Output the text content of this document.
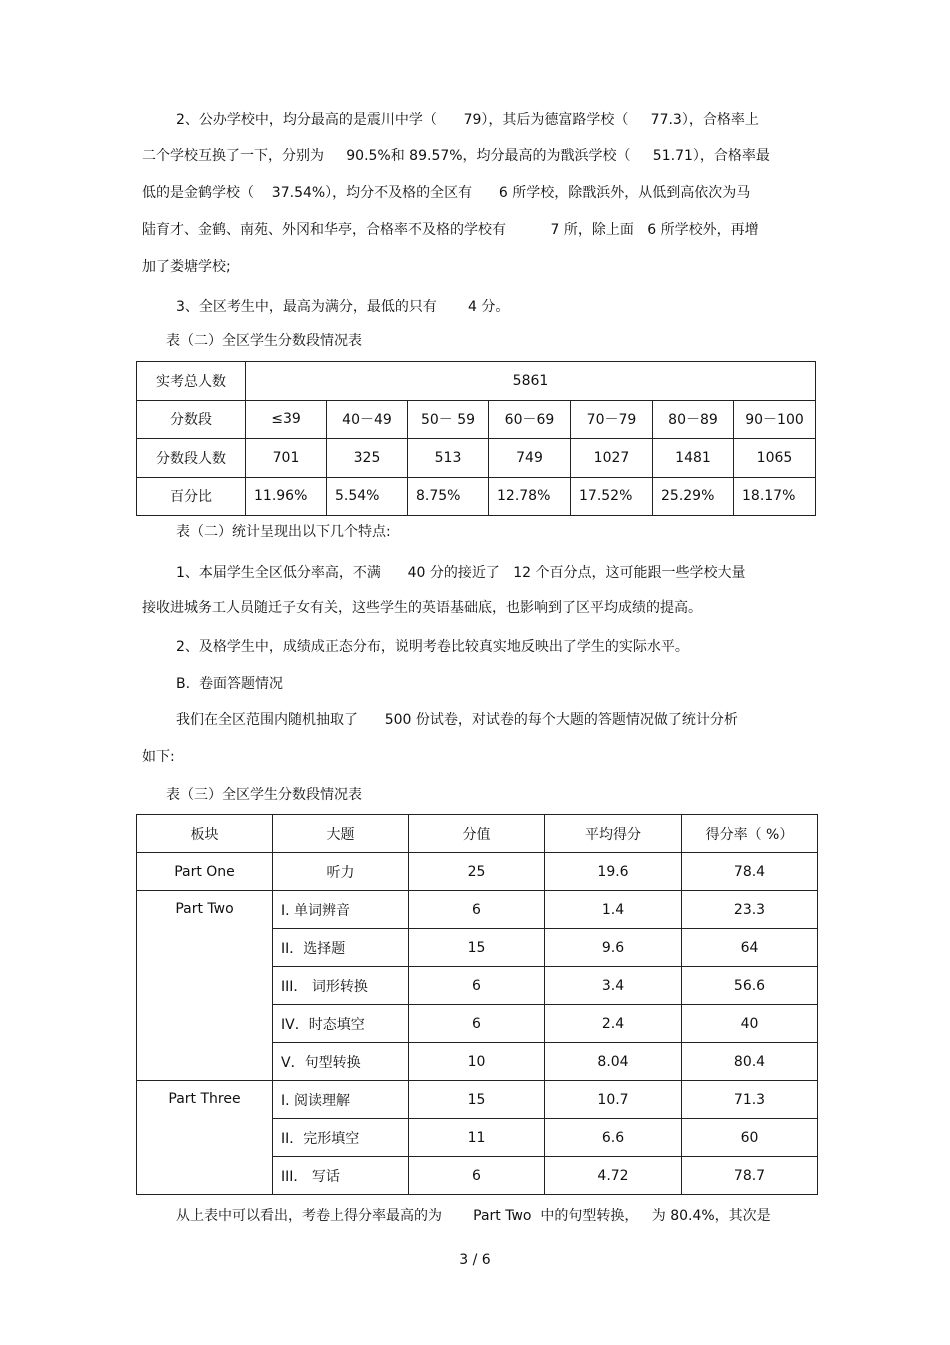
2、公办学校中，均分最高的是震川中学（      79），其后为德富路学校（     77.3），合格率上
二个学校互换了一下，分别为     90.5%和 89.57%，均分最高的为戬浜学校（     51.71），合格率最
低的是金鹤学校（    37.54%），均分不及格的全区有      6 所学校，除戬浜外，从低到高依次为马
陆育才、金鹤、南苑、外冈和华亭，合格率不及格的学校有          7 所，除上面   6 所学校外，再增
加了娄塘学校;
3、全区考生中，最高为满分，最低的只有       4 分。
表（二）全区学生分数段情况表
实考总人数	5861						
分数段	≤39	40－49	50－ 59	60－69	70－79	80－89	90－100
分数段人数	701	325	513	749	1027	1481	1065
百分比	11.96%	5.54%	8.75%	12.78%	17.52%	25.29%	18.17%
表（二）统计呈现出以下几个特点:
1、本届学生全区低分率高，不满      40 分的接近了   12 个百分点，这可能跟一些学校大量
接收进城务工人员随迁子女有关，这些学生的英语基础底，也影响到了区平均成绩的提高。
2、及格学生中，成绩成正态分布，说明考卷比较真实地反映出了学生的实际水平。
B.  卷面答题情况
我们在全区范围内随机抽取了      500 份试卷，对试卷的每个大题的答题情况做了统计分析
如下:
表（三）全区学生分数段情况表
板块	大题	分值	平均得分	得分率（ %）
Part One	听力	25	19.6	78.4
Part Two	I. 单词辨音	6	1.4	23.3
	II．选择题	15	9.6	64
	III． 词形转换	6	3.4	56.6
	IV．时态填空	6	2.4	40
	V．句型转换	10	8.04	80.4
Part Three	I. 阅读理解	15	10.7	71.3
	II．完形填空	11	6.6	60
	III． 写话	6	4.72	78.7
从上表中可以看出，考卷上得分率最高的为       Part Two  中的句型转换，   为 80.4%，其次是
3 / 6
